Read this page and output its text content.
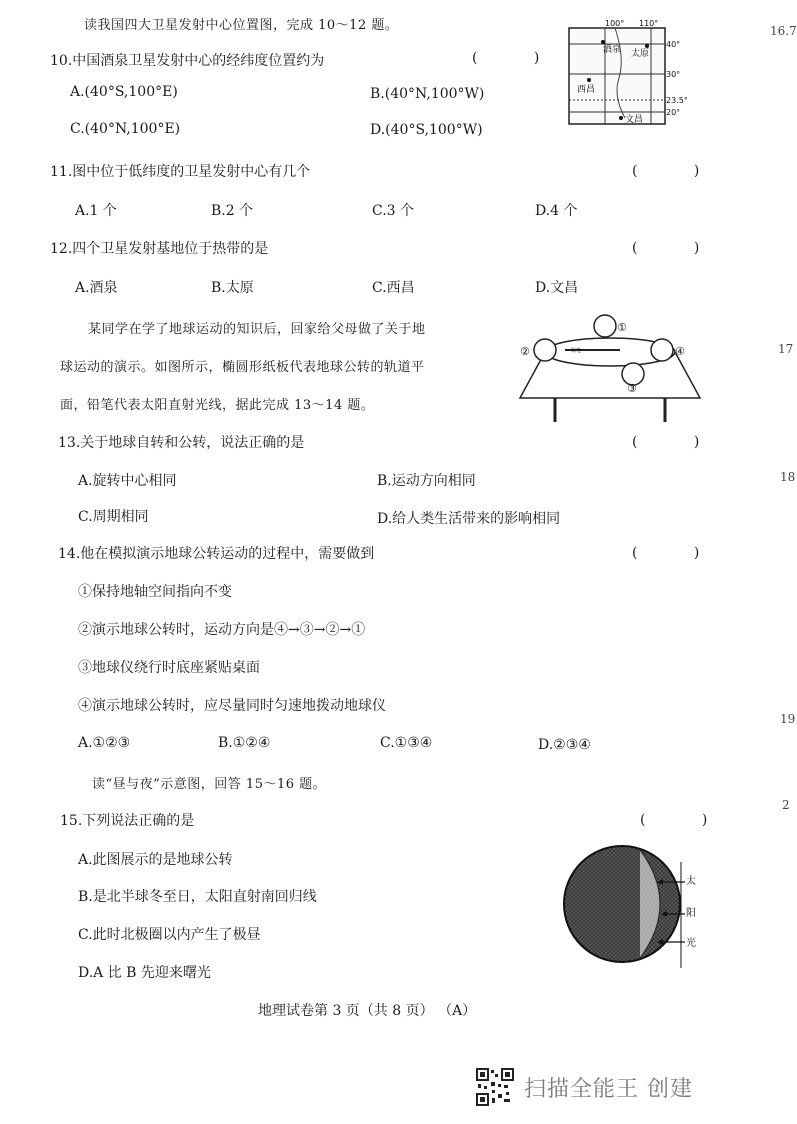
读我国四大卫星发射中心位置图，完成 10～12 题。
10.中国酒泉卫星发射中心的经纬度位置约为	( )
A.(40°S,100°E)	B.(40°N,100°W)
C.(40°N,100°E)	D.(40°S,100°W)
100° 110°
40°
30°
23.5°
20°
酒泉 太原
西昌
文昌
11.图中位于低纬度的卫星发射中心有几个	( )
A.1 个	B.2 个	C.3 个	D.4 个
12.四个卫星发射基地位于热带的是	( )
A.酒泉	B.太原	C.西昌	D.文昌
某同学在学了地球运动的知识后，回家给父母做了关于地
球运动的演示。如图所示，椭圆形纸板代表地球公转的轨道平
面，铅笔代表太阳直射光线，据此完成 13～14 题。
铅笔
①
②
③
④
13.关于地球自转和公转，说法正确的是	( )
A.旋转中心相同	B.运动方向相同
C.周期相同	D.给人类生活带来的影响相同
14.他在模拟演示地球公转运动的过程中，需要做到	( )
①保持地轴空间指向不变
②演示地球公转时，运动方向是④→③→②→①
③地球仪绕行时底座紧贴桌面
④演示地球公转时，应尽量同时匀速地拨动地球仪
A.①②③	B.①②④	C.①③④	D.②③④
读“昼与夜”示意图，回答 15～16 题。
15.下列说法正确的是	( )
A.此图展示的是地球公转
B.是北半球冬至日，太阳直射南回归线
C.此时北极圈以内产生了极昼
D.A 比 B 先迎来曙光
太
阳
光
地理试卷第 3 页（共 8 页） （A）
16.7
17
18
19
2
扫描全能王 创建
